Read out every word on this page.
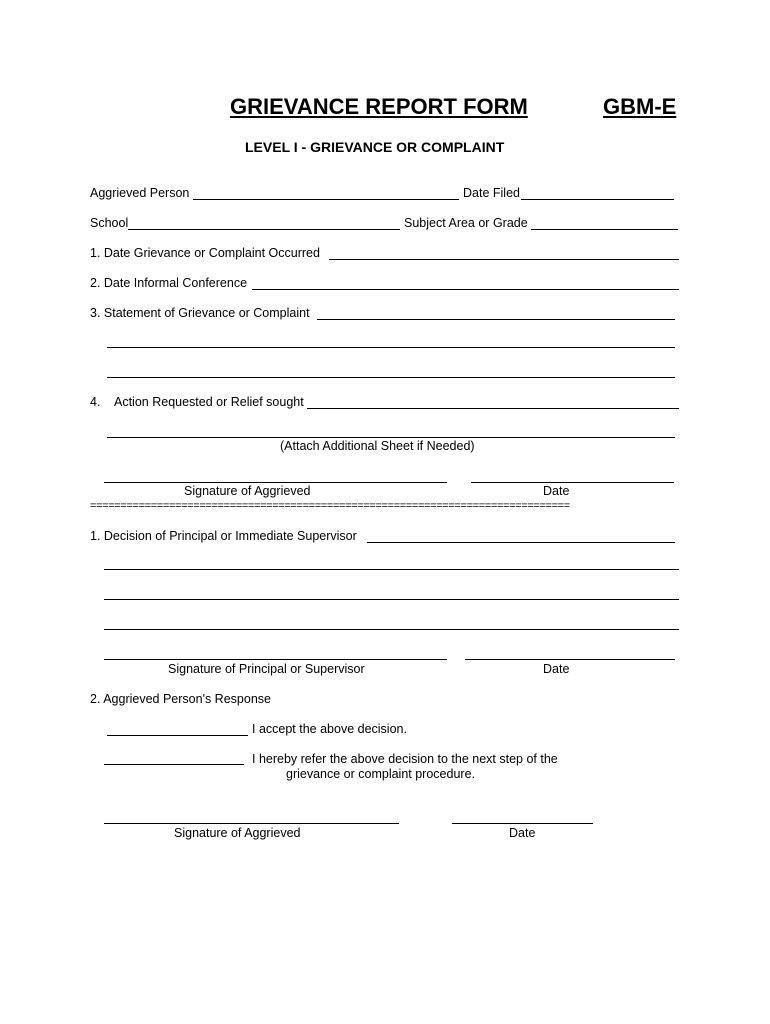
GRIEVANCE REPORT FORM	GBM-E
LEVEL I - GRIEVANCE OR COMPLAINT
Aggrieved Person	Date Filed
School	Subject Area or Grade
1. Date Grievance or Complaint Occurred
2. Date Informal Conference
3. Statement of Grievance or Complaint
4. Action Requested or Relief sought
(Attach Additional Sheet if Needed)
Signature of Aggrieved	Date
===============================================================================
1. Decision of Principal or Immediate Supervisor
Signature of Principal or Supervisor	Date
2. Aggrieved Person's Response
I accept the above decision.
I hereby refer the above decision to the next step of the
grievance or complaint procedure.
Signature of Aggrieved	Date
